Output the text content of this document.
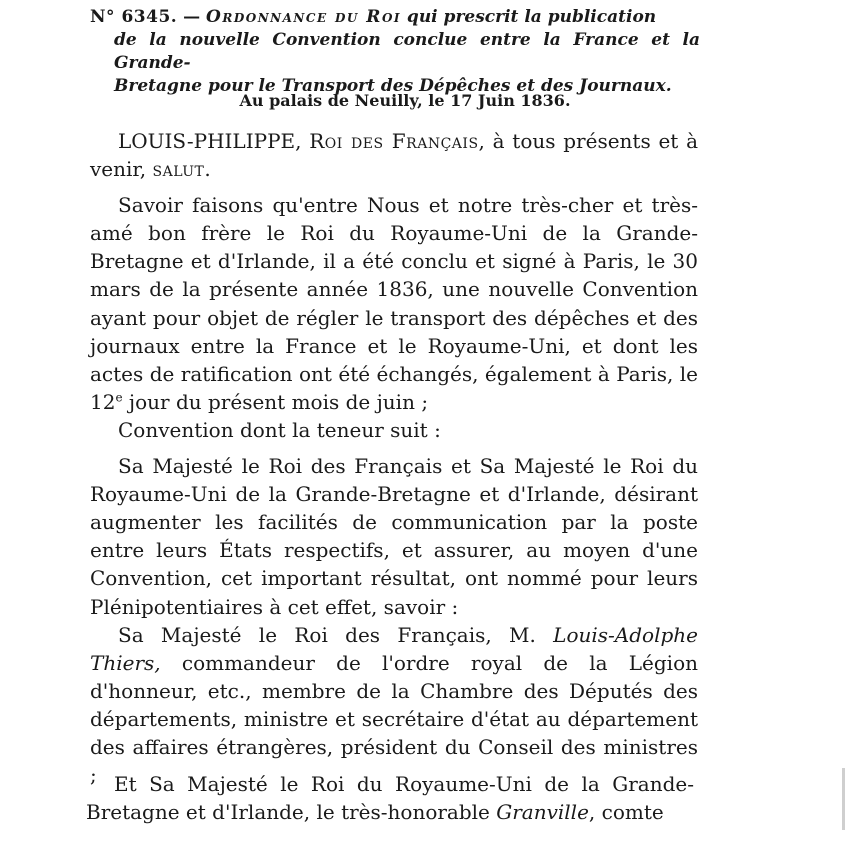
N° 6345. — Ordonnance du Roi qui prescrit la publication
de la nouvelle Convention conclue entre la France et la Grande-
Bretagne pour le Transport des Dépêches et des Journaux.
Au palais de Neuilly, le 17 Juin 1836.

LOUIS-PHILIPPE, Roi des Français, à tous présents et à venir, salut.

Savoir faisons qu'entre Nous et notre très-cher et très-amé bon frère le Roi du Royaume-Uni de la Grande-Bretagne et d'Irlande, il a été conclu et signé à Paris, le 30 mars de la présente année 1836, une nouvelle Convention ayant pour objet de régler le transport des dépêches et des journaux entre la France et le Royaume-Uni, et dont les actes de ratification ont été échangés, également à Paris, le 12e jour du présent mois de juin ;

Convention dont la teneur suit :

Sa Majesté le Roi des Français et Sa Majesté le Roi du Royaume-Uni de la Grande-Bretagne et d'Irlande, désirant augmenter les facilités de communication par la poste entre leurs États respectifs, et assurer, au moyen d'une Convention, cet important résultat, ont nommé pour leurs Plénipotentiaires à cet effet, savoir :

Sa Majesté le Roi des Français, M. Louis-Adolphe Thiers, commandeur de l'ordre royal de la Légion d'honneur, etc., membre de la Chambre des Députés des départements, ministre et secrétaire d'état au département des affaires étrangères, président du Conseil des ministres ; Et Sa Majesté le Roi du Royaume-Uni de la Grande-Bretagne et d'Irlande, le très-honorable Granville, comte
